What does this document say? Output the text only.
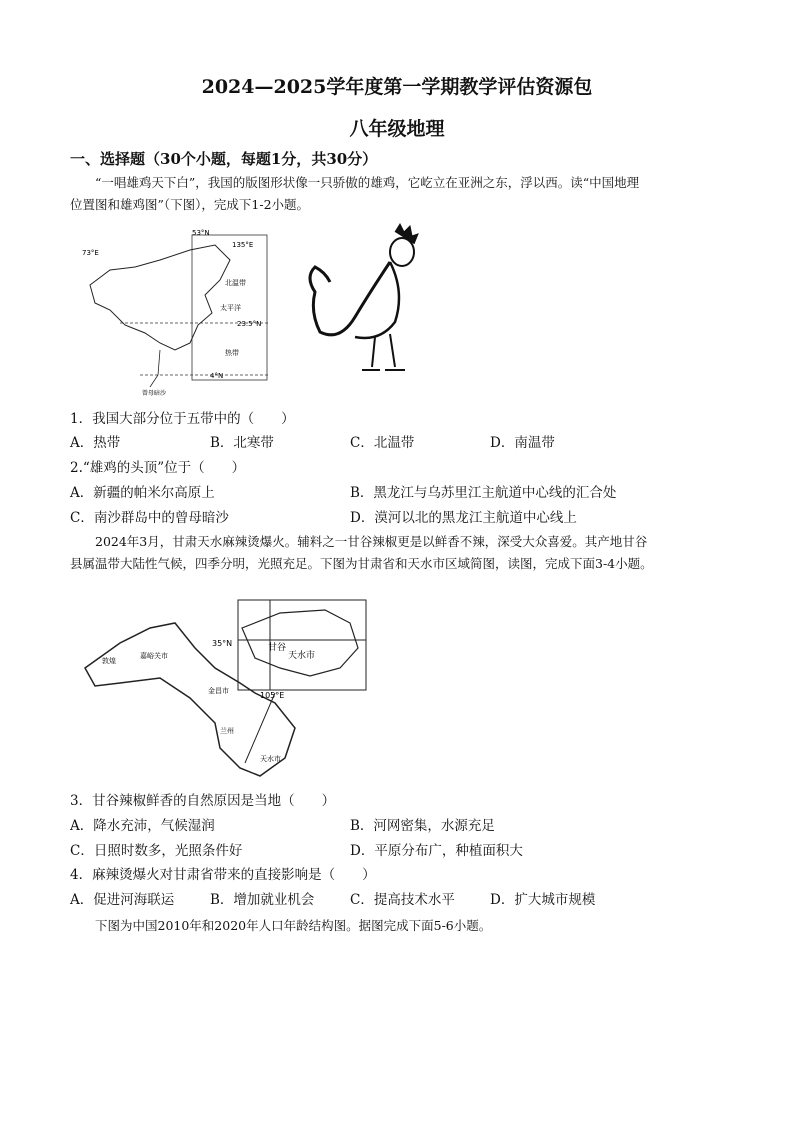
2024—2025学年度第一学期教学评估资源包
八年级地理
一、选择题（30个小题，每题1分，共30分）
“一唱雄鸡天下白”，我国的版图形状像一只骄傲的雄鸡，它屹立在亚洲之东，浮以西。读“中国地理
位置图和雄鸡图”（下图），完成下1-2小题。
53°N
135°E
73°E
23.5°N
4°N
北温带
热带
太平洋
曾母暗沙
1．我国大部分位于五带中的（　　）
A．热带	B．北寒带	C．北温带	D．南温带
2.“雄鸡的头顶”位于（　　）
A．新疆的帕米尔高原上	B．黑龙江与乌苏里江主航道中心线的汇合处
C．南沙群岛中的曾母暗沙	D．漠河以北的黑龙江主航道中心线上
2024年3月，甘肃天水麻辣烫爆火。辅料之一甘谷辣椒更是以鲜香不辣，深受大众喜爱。其产地甘谷
县属温带大陆性气候，四季分明，光照充足。下图为甘肃省和天水市区域简图，读图，完成下面3-4小题。
35°N
105°E
甘谷
天水市
敦煌
嘉峪关市
金昌市
兰州
天水市
3．甘谷辣椒鲜香的自然原因是当地（　　）
A．降水充沛，气候湿润	B．河网密集，水源充足
C．日照时数多，光照条件好	D．平原分布广，种植面积大
4．麻辣烫爆火对甘肃省带来的直接影响是（　　）
A．促进河海联运	B．增加就业机会	C．提高技术水平	D．扩大城市规模
下图为中国2010年和2020年人口年龄结构图。据图完成下面5-6小题。
